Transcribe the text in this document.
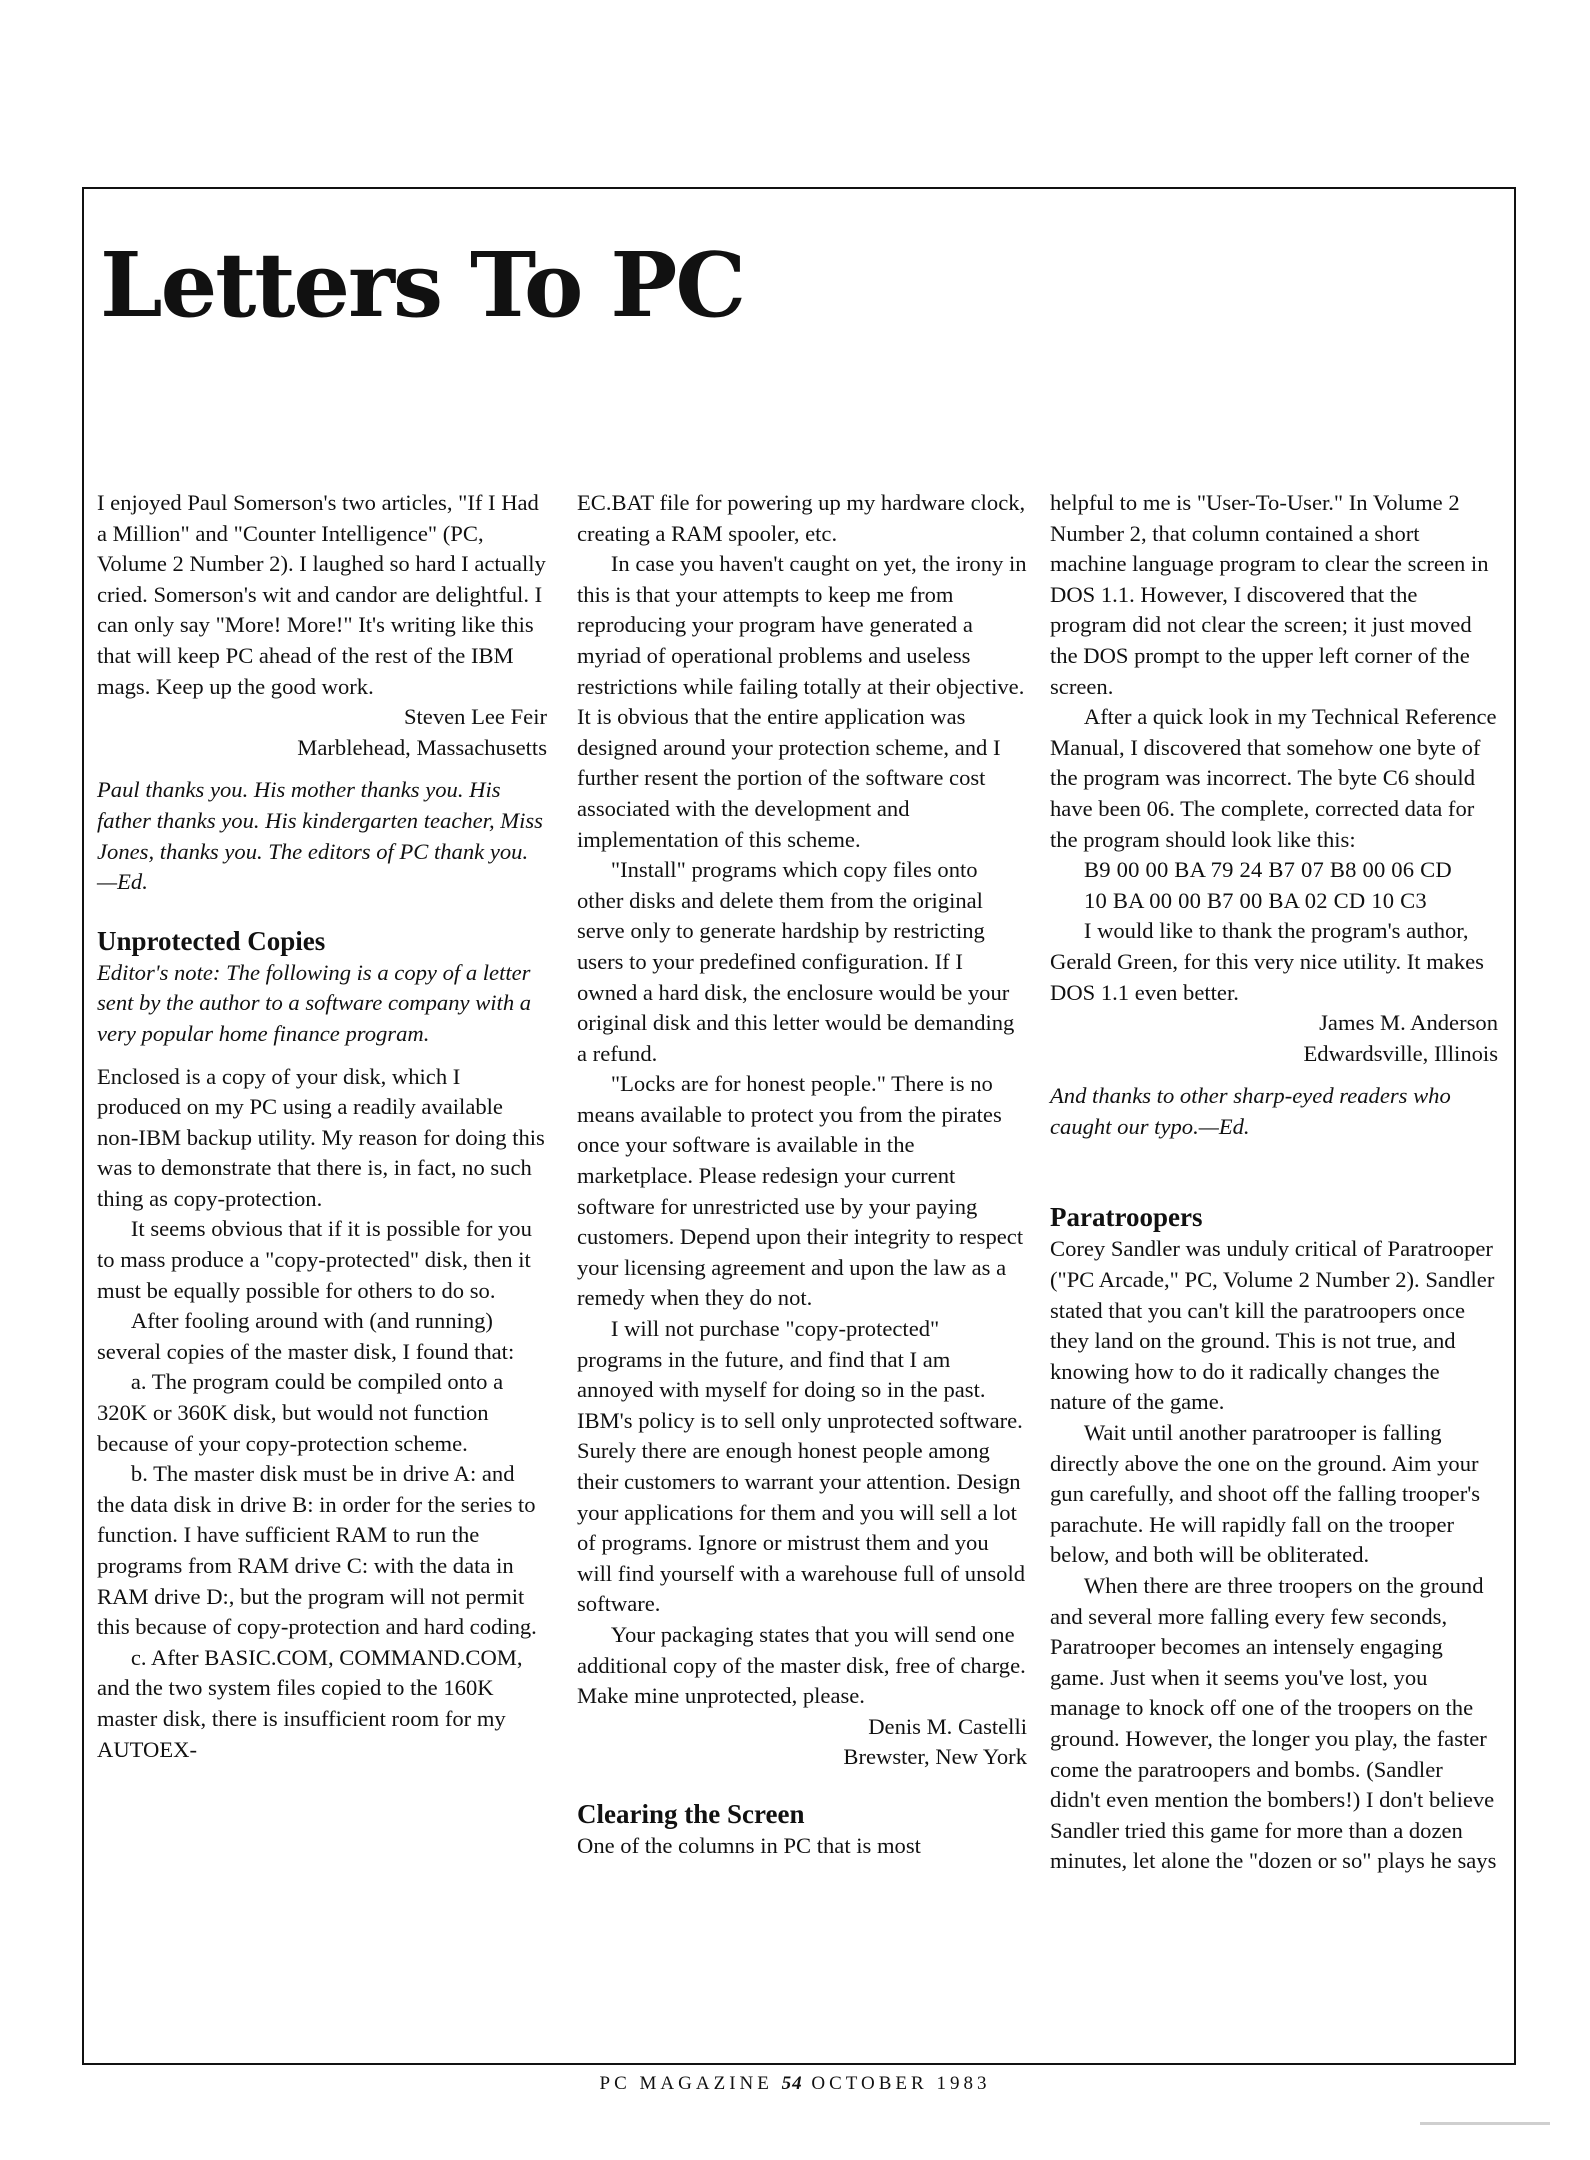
Letters To PC

I enjoyed Paul Somerson's two articles, "If I Had a Million" and "Counter Intelligence" (PC, Volume 2 Number 2). I laughed so hard I actually cried. Somerson's wit and candor are delightful. I can only say "More! More!" It's writing like this that will keep PC ahead of the rest of the IBM mags. Keep up the good work.

Steven Lee Feir

Marblehead, Massachusetts

Paul thanks you. His mother thanks you. His father thanks you. His kindergarten teacher, Miss Jones, thanks you. The editors of PC thank you.—Ed.

Unprotected Copies

Editor's note: The following is a copy of a letter sent by the author to a software company with a very popular home finance program.

Enclosed is a copy of your disk, which I produced on my PC using a readily available non-IBM backup utility. My reason for doing this was to demonstrate that there is, in fact, no such thing as copy-protection.

It seems obvious that if it is possible for you to mass produce a "copy-protected" disk, then it must be equally possible for others to do so.

After fooling around with (and running) several copies of the master disk, I found that:

a. The program could be compiled onto a 320K or 360K disk, but would not function because of your copy-protection scheme.

b. The master disk must be in drive A: and the data disk in drive B: in order for the series to function. I have sufficient RAM to run the programs from RAM drive C: with the data in RAM drive D:, but the program will not permit this because of copy-protection and hard coding.

c. After BASIC.COM, COMMAND.COM, and the two system files copied to the 160K master disk, there is insufficient room for my AUTOEX-

EC.BAT file for powering up my hardware clock, creating a RAM spooler, etc.

In case you haven't caught on yet, the irony in this is that your attempts to keep me from reproducing your program have generated a myriad of operational problems and useless restrictions while failing totally at their objective. It is obvious that the entire application was designed around your protection scheme, and I further resent the portion of the software cost associated with the development and implementation of this scheme.

"Install" programs which copy files onto other disks and delete them from the original serve only to generate hardship by restricting users to your predefined configuration. If I owned a hard disk, the enclosure would be your original disk and this letter would be demanding a refund.

"Locks are for honest people." There is no means available to protect you from the pirates once your software is available in the marketplace. Please redesign your current software for unrestricted use by your paying customers. Depend upon their integrity to respect your licensing agreement and upon the law as a remedy when they do not.

I will not purchase "copy-protected" programs in the future, and find that I am annoyed with myself for doing so in the past. IBM's policy is to sell only unprotected software. Surely there are enough honest people among their customers to warrant your attention. Design your applications for them and you will sell a lot of programs. Ignore or mistrust them and you will find yourself with a warehouse full of unsold software.

Your packaging states that you will send one additional copy of the master disk, free of charge. Make mine unprotected, please.

Denis M. Castelli

Brewster, New York

Clearing the Screen

One of the columns in PC that is most

helpful to me is "User-To-User." In Volume 2 Number 2, that column contained a short machine language program to clear the screen in DOS 1.1. However, I discovered that the program did not clear the screen; it just moved the DOS prompt to the upper left corner of the screen.

After a quick look in my Technical Reference Manual, I discovered that somehow one byte of the program was incorrect. The byte C6 should have been 06. The complete, corrected data for the program should look like this:

B9 00 00 BA 79 24 B7 07 B8 00 06 CD

10 BA 00 00 B7 00 BA 02 CD 10 C3

I would like to thank the program's author, Gerald Green, for this very nice utility. It makes DOS 1.1 even better.

James M. Anderson

Edwardsville, Illinois

And thanks to other sharp-eyed readers who caught our typo.—Ed.

Paratroopers

Corey Sandler was unduly critical of Paratrooper ("PC Arcade," PC, Volume 2 Number 2). Sandler stated that you can't kill the paratroopers once they land on the ground. This is not true, and knowing how to do it radically changes the nature of the game.

Wait until another paratrooper is falling directly above the one on the ground. Aim your gun carefully, and shoot off the falling trooper's parachute. He will rapidly fall on the trooper below, and both will be obliterated.

When there are three troopers on the ground and several more falling every few seconds, Paratrooper becomes an intensely engaging game. Just when it seems you've lost, you manage to knock off one of the troopers on the ground. However, the longer you play, the faster come the paratroopers and bombs. (Sandler didn't even mention the bombers!) I don't believe Sandler tried this game for more than a dozen minutes, let alone the "dozen or so" plays he says

PC MAGAZINE 54 OCTOBER 1983
